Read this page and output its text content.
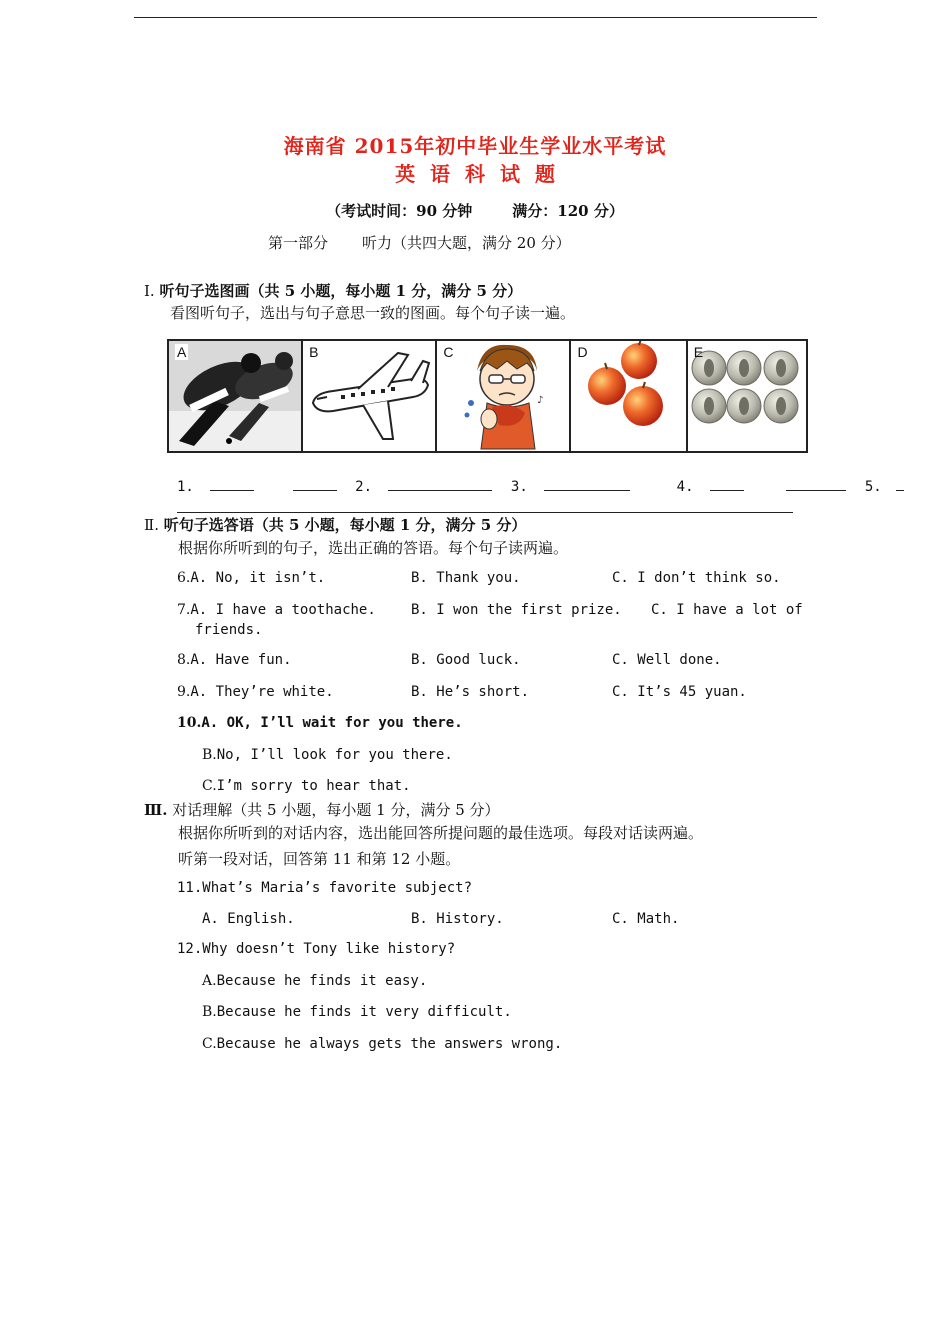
海南省 2015年初中毕业生学业水平考试
英 语 科 试 题
（考试时间：90 分钟	满分：120 分）
第一部分 听力（共四大题，满分 20 分）
I. 听句子选图画（共 5 小题，每小题 1 分，满分 5 分）
看图听句子，选出与句子意思一致的图画。每个句子读一遍。
A	B	C
♪
D	E
1.	2.	3.	4.	5.
Ⅱ. 听句子选答语（共 5 小题，每小题 1 分，满分 5 分）
根据你所听到的句子，选出正确的答语。每个句子读两遍。
6.A. No, it isn’t.	B. Thank you.	C. I don’t think so.
7.A. I have a toothache.	B. I won the first prize. C. I have a lot of
friends.
8.A. Have fun.	B. Good luck.	C. Well done.
9.A. They’re white.	B. He’s short.	C. It’s 45 yuan.
10.A. OK, I’ll wait for you there.
B.No, I’ll look for you there.
C.I’m sorry to hear that.
Ⅲ. 对话理解（共 5 小题，每小题 1 分，满分 5 分）
根据你所听到的对话内容，选出能回答所提问题的最佳选项。每段对话读两遍。
听第一段对话，回答第 11 和第 12 小题。
11.What’s Maria’s favorite subject?
A. English.	B. History.	C. Math.
12.Why doesn’t Tony like history?
A.Because he finds it easy.
B.Because he finds it very difficult.
C.Because he always gets the answers wrong.
